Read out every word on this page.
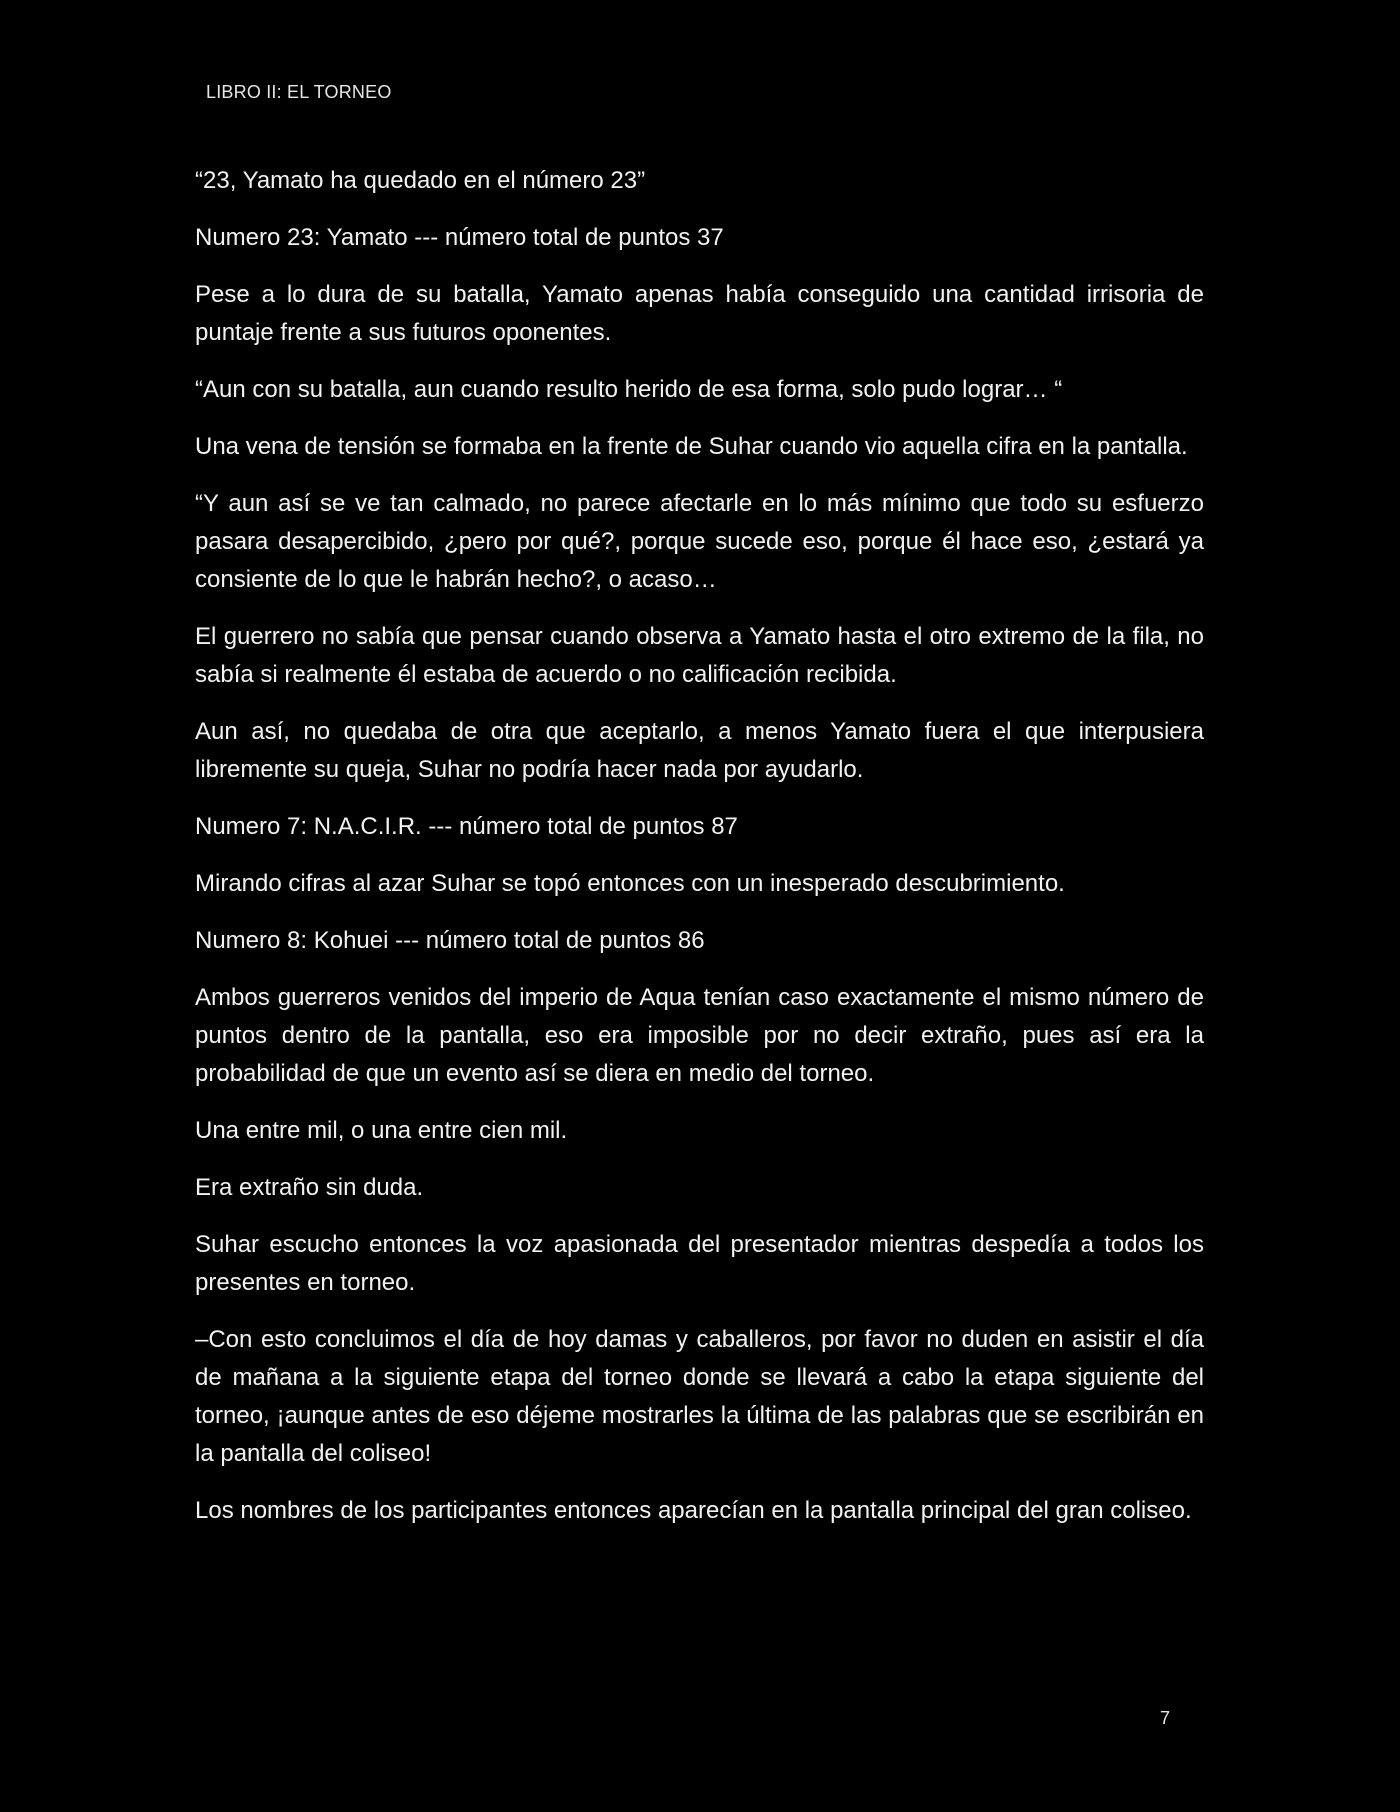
LIBRO II: EL TORNEO

“23, Yamato ha quedado en el número 23”

Numero 23: Yamato --- número total de puntos 37

Pese a lo dura de su batalla, Yamato apenas había conseguido una cantidad irrisoria de puntaje frente a sus futuros oponentes.

“Aun con su batalla, aun cuando resulto herido de esa forma, solo pudo lograr… “

Una vena de tensión se formaba en la frente de Suhar cuando vio aquella cifra en la pantalla.

“Y aun así se ve tan calmado, no parece afectarle en lo más mínimo que todo su esfuerzo pasara desapercibido, ¿pero por qué?, porque sucede eso, porque él hace eso, ¿estará ya consiente de lo que le habrán hecho?, o acaso…

El guerrero no sabía que pensar cuando observa a Yamato hasta el otro extremo de la fila, no sabía si realmente él estaba de acuerdo o no calificación recibida.

Aun así, no quedaba de otra que aceptarlo, a menos Yamato fuera el que interpusiera libremente su queja, Suhar no podría hacer nada por ayudarlo.

Numero 7: N.A.C.I.R. --- número total de puntos 87

Mirando cifras al azar Suhar se topó entonces con un inesperado descubrimiento.

Numero 8: Kohuei --- número total de puntos 86

Ambos guerreros venidos del imperio de Aqua tenían caso exactamente el mismo número de puntos dentro de la pantalla, eso era imposible por no decir extraño, pues así era la probabilidad de que un evento así se diera en medio del torneo.

Una entre mil, o una entre cien mil.

Era extraño sin duda.

Suhar escucho entonces la voz apasionada del presentador mientras despedía a todos los presentes en torneo.

–Con esto concluimos el día de hoy damas y caballeros, por favor no duden en asistir el día de mañana a la siguiente etapa del torneo donde se llevará a cabo la etapa siguiente del torneo, ¡aunque antes de eso déjeme mostrarles la última de las palabras que se escribirán en la pantalla del coliseo!

Los nombres de los participantes entonces aparecían en la pantalla principal del gran coliseo.

7
